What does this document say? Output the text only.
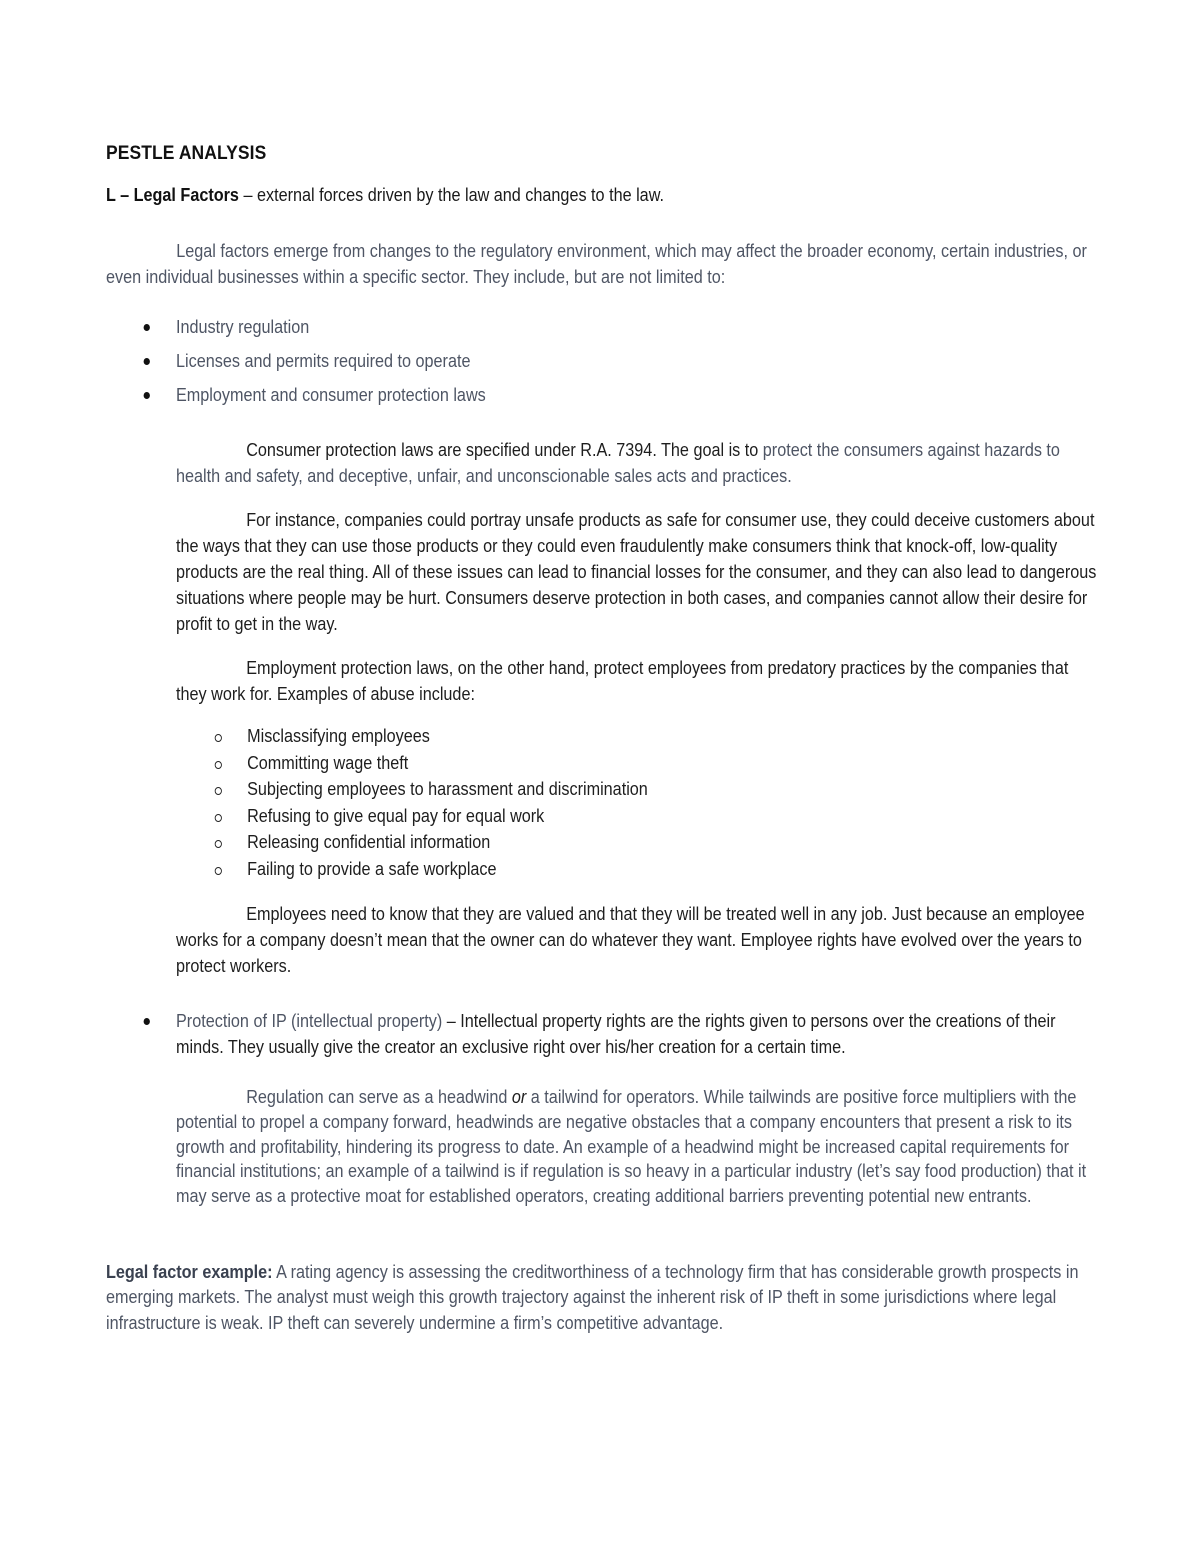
PESTLE ANALYSIS
L – Legal Factors – external forces driven by the law and changes to the law.
Legal factors emerge from changes to the regulatory environment, which may affect the broader economy, certain industries, or even individual businesses within a specific sector. They include, but are not limited to:
Industry regulation
Licenses and permits required to operate
Employment and consumer protection laws
Consumer protection laws are specified under R.A. 7394. The goal is to protect the consumers against hazards to health and safety, and deceptive, unfair, and unconscionable sales acts and practices.
For instance, companies could portray unsafe products as safe for consumer use, they could deceive customers about the ways that they can use those products or they could even fraudulently make consumers think that knock-off, low-quality products are the real thing. All of these issues can lead to financial losses for the consumer, and they can also lead to dangerous situations where people may be hurt. Consumers deserve protection in both cases, and companies cannot allow their desire for profit to get in the way.
Employment protection laws, on the other hand, protect employees from predatory practices by the companies that they work for. Examples of abuse include:
Misclassifying employees
Committing wage theft
Subjecting employees to harassment and discrimination
Refusing to give equal pay for equal work
Releasing confidential information
Failing to provide a safe workplace
Employees need to know that they are valued and that they will be treated well in any job. Just because an employee works for a company doesn’t mean that the owner can do whatever they want. Employee rights have evolved over the years to protect workers.
Protection of IP (intellectual property) – Intellectual property rights are the rights given to persons over the creations of their minds. They usually give the creator an exclusive right over his/her creation for a certain time.
Regulation can serve as a headwind or a tailwind for operators. While tailwinds are positive force multipliers with the potential to propel a company forward, headwinds are negative obstacles that a company encounters that present a risk to its growth and profitability, hindering its progress to date. An example of a headwind might be increased capital requirements for financial institutions; an example of a tailwind is if regulation is so heavy in a particular industry (let’s say food production) that it may serve as a protective moat for established operators, creating additional barriers preventing potential new entrants.
Legal factor example: A rating agency is assessing the creditworthiness of a technology firm that has considerable growth prospects in emerging markets. The analyst must weigh this growth trajectory against the inherent risk of IP theft in some jurisdictions where legal infrastructure is weak. IP theft can severely undermine a firm’s competitive advantage.
